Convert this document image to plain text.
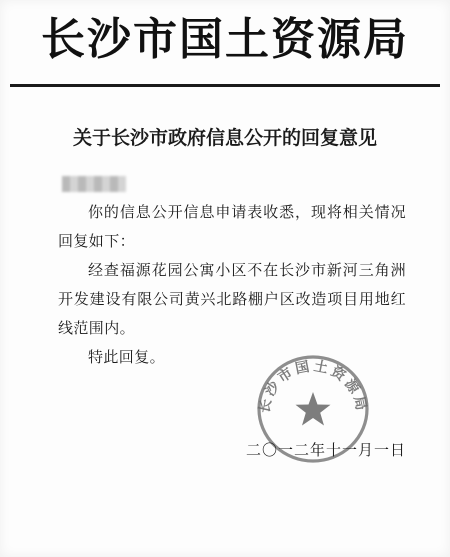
长沙市国土资源局
关于长沙市政府信息公开的回复意见

你的信息公开信息申请表收悉，现将相关情况回复如下：

经查福源花园公寓小区不在长沙市新河三角洲开发建设有限公司黄兴北路棚户区改造项目用地红线范围内。

特此回复。

长沙市国土资源局
二〇一二年十一月一日
